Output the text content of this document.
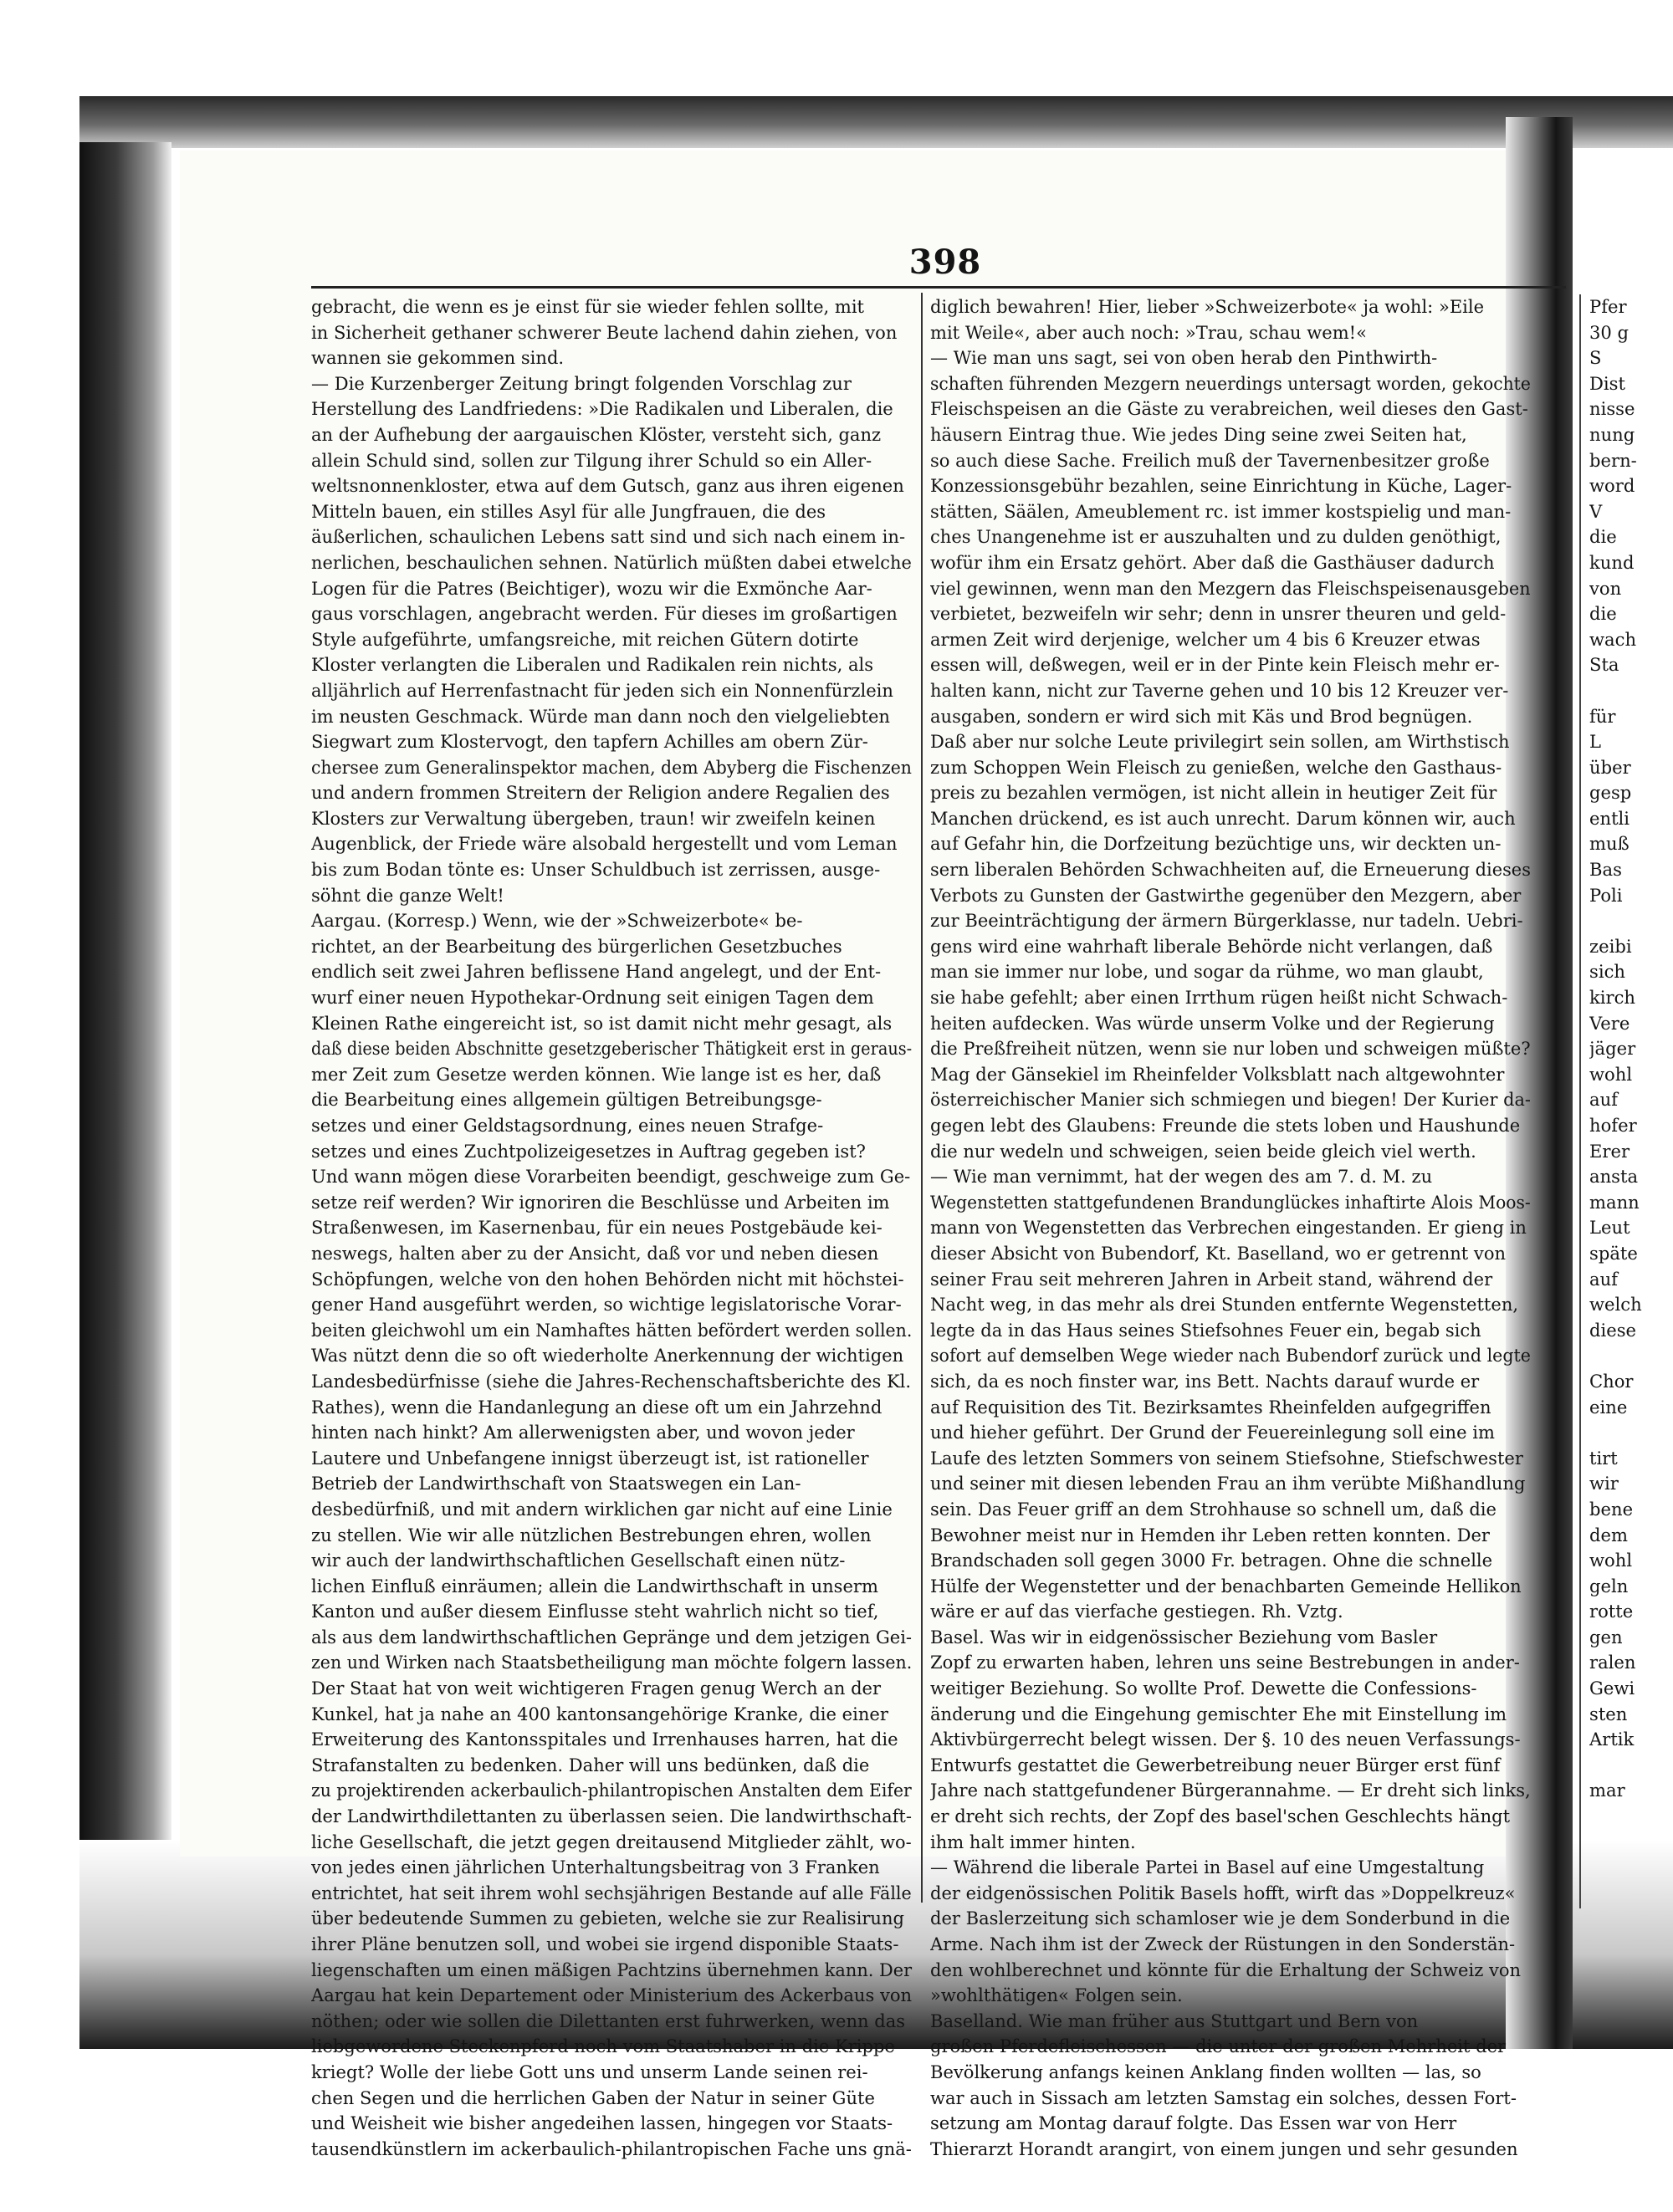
398
gebracht, die wenn es je einst für sie wieder fehlen sollte, mit
in Sicherheit gethaner schwerer Beute lachend dahin ziehen, von
wannen sie gekommen sind.
— Die Kurzenberger Zeitung bringt folgenden Vorschlag zur
Herstellung des Landfriedens: »Die Radikalen und Liberalen, die
an der Aufhebung der aargauischen Klöster, versteht sich, ganz
allein Schuld sind, sollen zur Tilgung ihrer Schuld so ein Aller-
weltsnonnenkloster, etwa auf dem Gutsch, ganz aus ihren eigenen
Mitteln bauen, ein stilles Asyl für alle Jungfrauen, die des
äußerlichen, schaulichen Lebens satt sind und sich nach einem in-
nerlichen, beschaulichen sehnen. Natürlich müßten dabei etwelche
Logen für die Patres (Beichtiger), wozu wir die Exmönche Aar-
gaus vorschlagen, angebracht werden. Für dieses im großartigen
Style aufgeführte, umfangsreiche, mit reichen Gütern dotirte
Kloster verlangten die Liberalen und Radikalen rein nichts, als
alljährlich auf Herrenfastnacht für jeden sich ein Nonnenfürzlein
im neusten Geschmack. Würde man dann noch den vielgeliebten
Siegwart zum Klostervogt, den tapfern Achilles am obern Zür-
chersee zum Generalinspektor machen, dem Abyberg die Fischenzen
und andern frommen Streitern der Religion andere Regalien des
Klosters zur Verwaltung übergeben, traun! wir zweifeln keinen
Augenblick, der Friede wäre alsobald hergestellt und vom Leman
bis zum Bodan tönte es: Unser Schuldbuch ist zerrissen, ausge-
söhnt die ganze Welt!
Aargau. (Korresp.) Wenn, wie der »Schweizerbote« be-
richtet, an der Bearbeitung des bürgerlichen Gesetzbuches
endlich seit zwei Jahren beflissene Hand angelegt, und der Ent-
wurf einer neuen Hypothekar-Ordnung seit einigen Tagen dem
Kleinen Rathe eingereicht ist, so ist damit nicht mehr gesagt, als
daß diese beiden Abschnitte gesetzgeberischer Thätigkeit erst in geraus-
mer Zeit zum Gesetze werden können. Wie lange ist es her, daß
die Bearbeitung eines allgemein gültigen Betreibungsge-
setzes und einer Geldstagsordnung, eines neuen Strafge-
setzes und eines Zuchtpolizeigesetzes in Auftrag gegeben ist?
Und wann mögen diese Vorarbeiten beendigt, geschweige zum Ge-
setze reif werden? Wir ignoriren die Beschlüsse und Arbeiten im
Straßenwesen, im Kasernenbau, für ein neues Postgebäude kei-
neswegs, halten aber zu der Ansicht, daß vor und neben diesen
Schöpfungen, welche von den hohen Behörden nicht mit höchstei-
gener Hand ausgeführt werden, so wichtige legislatorische Vorar-
beiten gleichwohl um ein Namhaftes hätten befördert werden sollen.
Was nützt denn die so oft wiederholte Anerkennung der wichtigen
Landesbedürfnisse (siehe die Jahres-Rechenschaftsberichte des Kl.
Rathes), wenn die Handanlegung an diese oft um ein Jahrzehnd
hinten nach hinkt? Am allerwenigsten aber, und wovon jeder
Lautere und Unbefangene innigst überzeugt ist, ist rationeller
Betrieb der Landwirthschaft von Staatswegen ein Lan-
desbedürfniß, und mit andern wirklichen gar nicht auf eine Linie
zu stellen. Wie wir alle nützlichen Bestrebungen ehren, wollen
wir auch der landwirthschaftlichen Gesellschaft einen nütz-
lichen Einfluß einräumen; allein die Landwirthschaft in unserm
Kanton und außer diesem Einflusse steht wahrlich nicht so tief,
als aus dem landwirthschaftlichen Gepränge und dem jetzigen Gei-
zen und Wirken nach Staatsbetheiligung man möchte folgern lassen.
Der Staat hat von weit wichtigeren Fragen genug Werch an der
Kunkel, hat ja nahe an 400 kantonsangehörige Kranke, die einer
Erweiterung des Kantonsspitales und Irrenhauses harren, hat die
Strafanstalten zu bedenken. Daher will uns bedünken, daß die
zu projektirenden ackerbaulich-philantropischen Anstalten dem Eifer
der Landwirthdilettanten zu überlassen seien. Die landwirthschaft-
liche Gesellschaft, die jetzt gegen dreitausend Mitglieder zählt, wo-
von jedes einen jährlichen Unterhaltungsbeitrag von 3 Franken
entrichtet, hat seit ihrem wohl sechsjährigen Bestande auf alle Fälle
über bedeutende Summen zu gebieten, welche sie zur Realisirung
ihrer Pläne benutzen soll, und wobei sie irgend disponible Staats-
liegenschaften um einen mäßigen Pachtzins übernehmen kann. Der
Aargau hat kein Departement oder Ministerium des Ackerbaus von
nöthen; oder wie sollen die Dilettanten erst fuhrwerken, wenn das
liebgewordene Steckenpferd noch vom Staatshaber in die Krippe
kriegt? Wolle der liebe Gott uns und unserm Lande seinen rei-
chen Segen und die herrlichen Gaben der Natur in seiner Güte
und Weisheit wie bisher angedeihen lassen, hingegen vor Staats-
tausendkünstlern im ackerbaulich-philantropischen Fache uns gnä-
diglich bewahren! Hier, lieber »Schweizerbote« ja wohl: »Eile
mit Weile«, aber auch noch: »Trau, schau wem!«
— Wie man uns sagt, sei von oben herab den Pinthwirth-
schaften führenden Mezgern neuerdings untersagt worden, gekochte
Fleischspeisen an die Gäste zu verabreichen, weil dieses den Gast-
häusern Eintrag thue. Wie jedes Ding seine zwei Seiten hat,
so auch diese Sache. Freilich muß der Tavernenbesitzer große
Konzessionsgebühr bezahlen, seine Einrichtung in Küche, Lager-
stätten, Säälen, Ameublement rc. ist immer kostspielig und man-
ches Unangenehme ist er auszuhalten und zu dulden genöthigt,
wofür ihm ein Ersatz gehört. Aber daß die Gasthäuser dadurch
viel gewinnen, wenn man den Mezgern das Fleischspeisenausgeben
verbietet, bezweifeln wir sehr; denn in unsrer theuren und geld-
armen Zeit wird derjenige, welcher um 4 bis 6 Kreuzer etwas
essen will, deßwegen, weil er in der Pinte kein Fleisch mehr er-
halten kann, nicht zur Taverne gehen und 10 bis 12 Kreuzer ver-
ausgaben, sondern er wird sich mit Käs und Brod begnügen.
Daß aber nur solche Leute privilegirt sein sollen, am Wirthstisch
zum Schoppen Wein Fleisch zu genießen, welche den Gasthaus-
preis zu bezahlen vermögen, ist nicht allein in heutiger Zeit für
Manchen drückend, es ist auch unrecht. Darum können wir, auch
auf Gefahr hin, die Dorfzeitung bezüchtige uns, wir deckten un-
sern liberalen Behörden Schwachheiten auf, die Erneuerung dieses
Verbots zu Gunsten der Gastwirthe gegenüber den Mezgern, aber
zur Beeinträchtigung der ärmern Bürgerklasse, nur tadeln. Uebri-
gens wird eine wahrhaft liberale Behörde nicht verlangen, daß
man sie immer nur lobe, und sogar da rühme, wo man glaubt,
sie habe gefehlt; aber einen Irrthum rügen heißt nicht Schwach-
heiten aufdecken. Was würde unserm Volke und der Regierung
die Preßfreiheit nützen, wenn sie nur loben und schweigen müßte?
Mag der Gänsekiel im Rheinfelder Volksblatt nach altgewohnter
österreichischer Manier sich schmiegen und biegen! Der Kurier da-
gegen lebt des Glaubens: Freunde die stets loben und Haushunde
die nur wedeln und schweigen, seien beide gleich viel werth.
— Wie man vernimmt, hat der wegen des am 7. d. M. zu
Wegenstetten stattgefundenen Brandunglückes inhaftirte Alois Moos-
mann von Wegenstetten das Verbrechen eingestanden. Er gieng in
dieser Absicht von Bubendorf, Kt. Baselland, wo er getrennt von
seiner Frau seit mehreren Jahren in Arbeit stand, während der
Nacht weg, in das mehr als drei Stunden entfernte Wegenstetten,
legte da in das Haus seines Stiefsohnes Feuer ein, begab sich
sofort auf demselben Wege wieder nach Bubendorf zurück und legte
sich, da es noch finster war, ins Bett. Nachts darauf wurde er
auf Requisition des Tit. Bezirksamtes Rheinfelden aufgegriffen
und hieher geführt. Der Grund der Feuereinlegung soll eine im
Laufe des letzten Sommers von seinem Stiefsohne, Stiefschwester
und seiner mit diesen lebenden Frau an ihm verübte Mißhandlung
sein. Das Feuer griff an dem Strohhause so schnell um, daß die
Bewohner meist nur in Hemden ihr Leben retten konnten. Der
Brandschaden soll gegen 3000 Fr. betragen. Ohne die schnelle
Hülfe der Wegenstetter und der benachbarten Gemeinde Hellikon
wäre er auf das vierfache gestiegen. Rh. Vztg.
Basel. Was wir in eidgenössischer Beziehung vom Basler
Zopf zu erwarten haben, lehren uns seine Bestrebungen in ander-
weitiger Beziehung. So wollte Prof. Dewette die Confessions-
änderung und die Eingehung gemischter Ehe mit Einstellung im
Aktivbürgerrecht belegt wissen. Der §. 10 des neuen Verfassungs-
Entwurfs gestattet die Gewerbetreibung neuer Bürger erst fünf
Jahre nach stattgefundener Bürgerannahme. — Er dreht sich links,
er dreht sich rechts, der Zopf des basel'schen Geschlechts hängt
ihm halt immer hinten.
— Während die liberale Partei in Basel auf eine Umgestaltung
der eidgenössischen Politik Basels hofft, wirft das »Doppelkreuz«
der Baslerzeitung sich schamloser wie je dem Sonderbund in die
Arme. Nach ihm ist der Zweck der Rüstungen in den Sonderstän-
den wohlberechnet und könnte für die Erhaltung der Schweiz von
»wohlthätigen« Folgen sein.
Baselland. Wie man früher aus Stuttgart und Bern von
großen Pferdefleischessen — die unter der großen Mehrheit der
Bevölkerung anfangs keinen Anklang finden wollten — las, so
war auch in Sissach am letzten Samstag ein solches, dessen Fort-
setzung am Montag darauf folgte. Das Essen war von Herr
Thierarzt Horandt arangirt, von einem jungen und sehr gesunden
Pfer
30 g
S
Dist
nisse
nung
bern-
word
V
die
kund
von
die
wach
Sta
für
L
über
gesp
entli
muß
Bas
Poli
zeibi
sich
kirch
Vere
jäger
wohl
auf
hofer
Erer
ansta
mann
Leut
späte
auf
welch
diese
Chor
eine
tirt
wir
bene
dem
wohl
geln
rotte
gen
ralen
Gewi
sten
Artik
mar
